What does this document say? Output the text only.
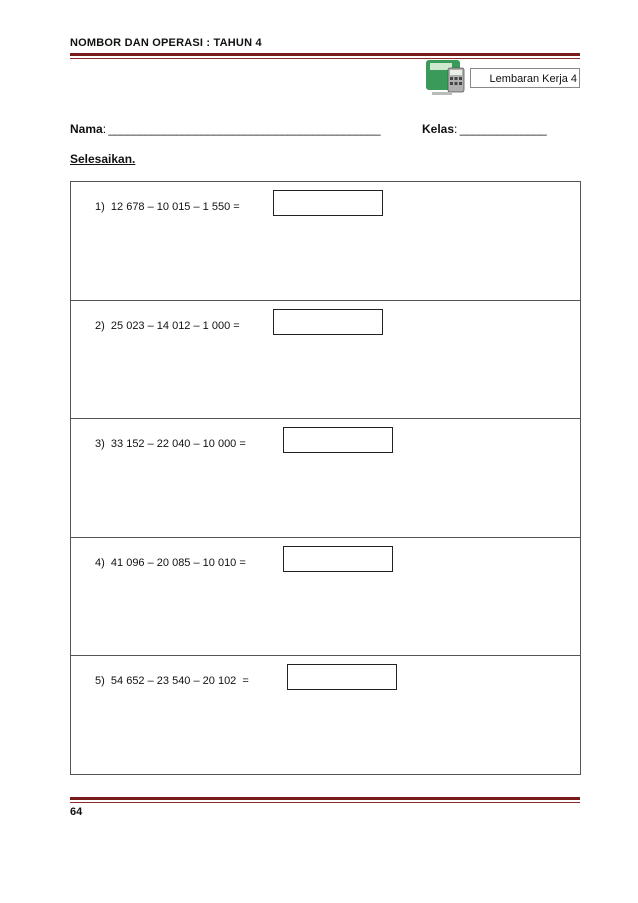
NOMBOR DAN OPERASI : TAHUN 4
Lembaran Kerja 4
Nama: ____________________________________________	Kelas: ______________
Selesaikan.
1) 12 678 – 10 015 – 1 550 =
2) 25 023 – 14 012 – 1 000 =
3) 33 152 – 22 040 – 10 000 =
4) 41 096 – 20 085 – 10 010 =
5) 54 652 – 23 540 – 20 102  =
64
